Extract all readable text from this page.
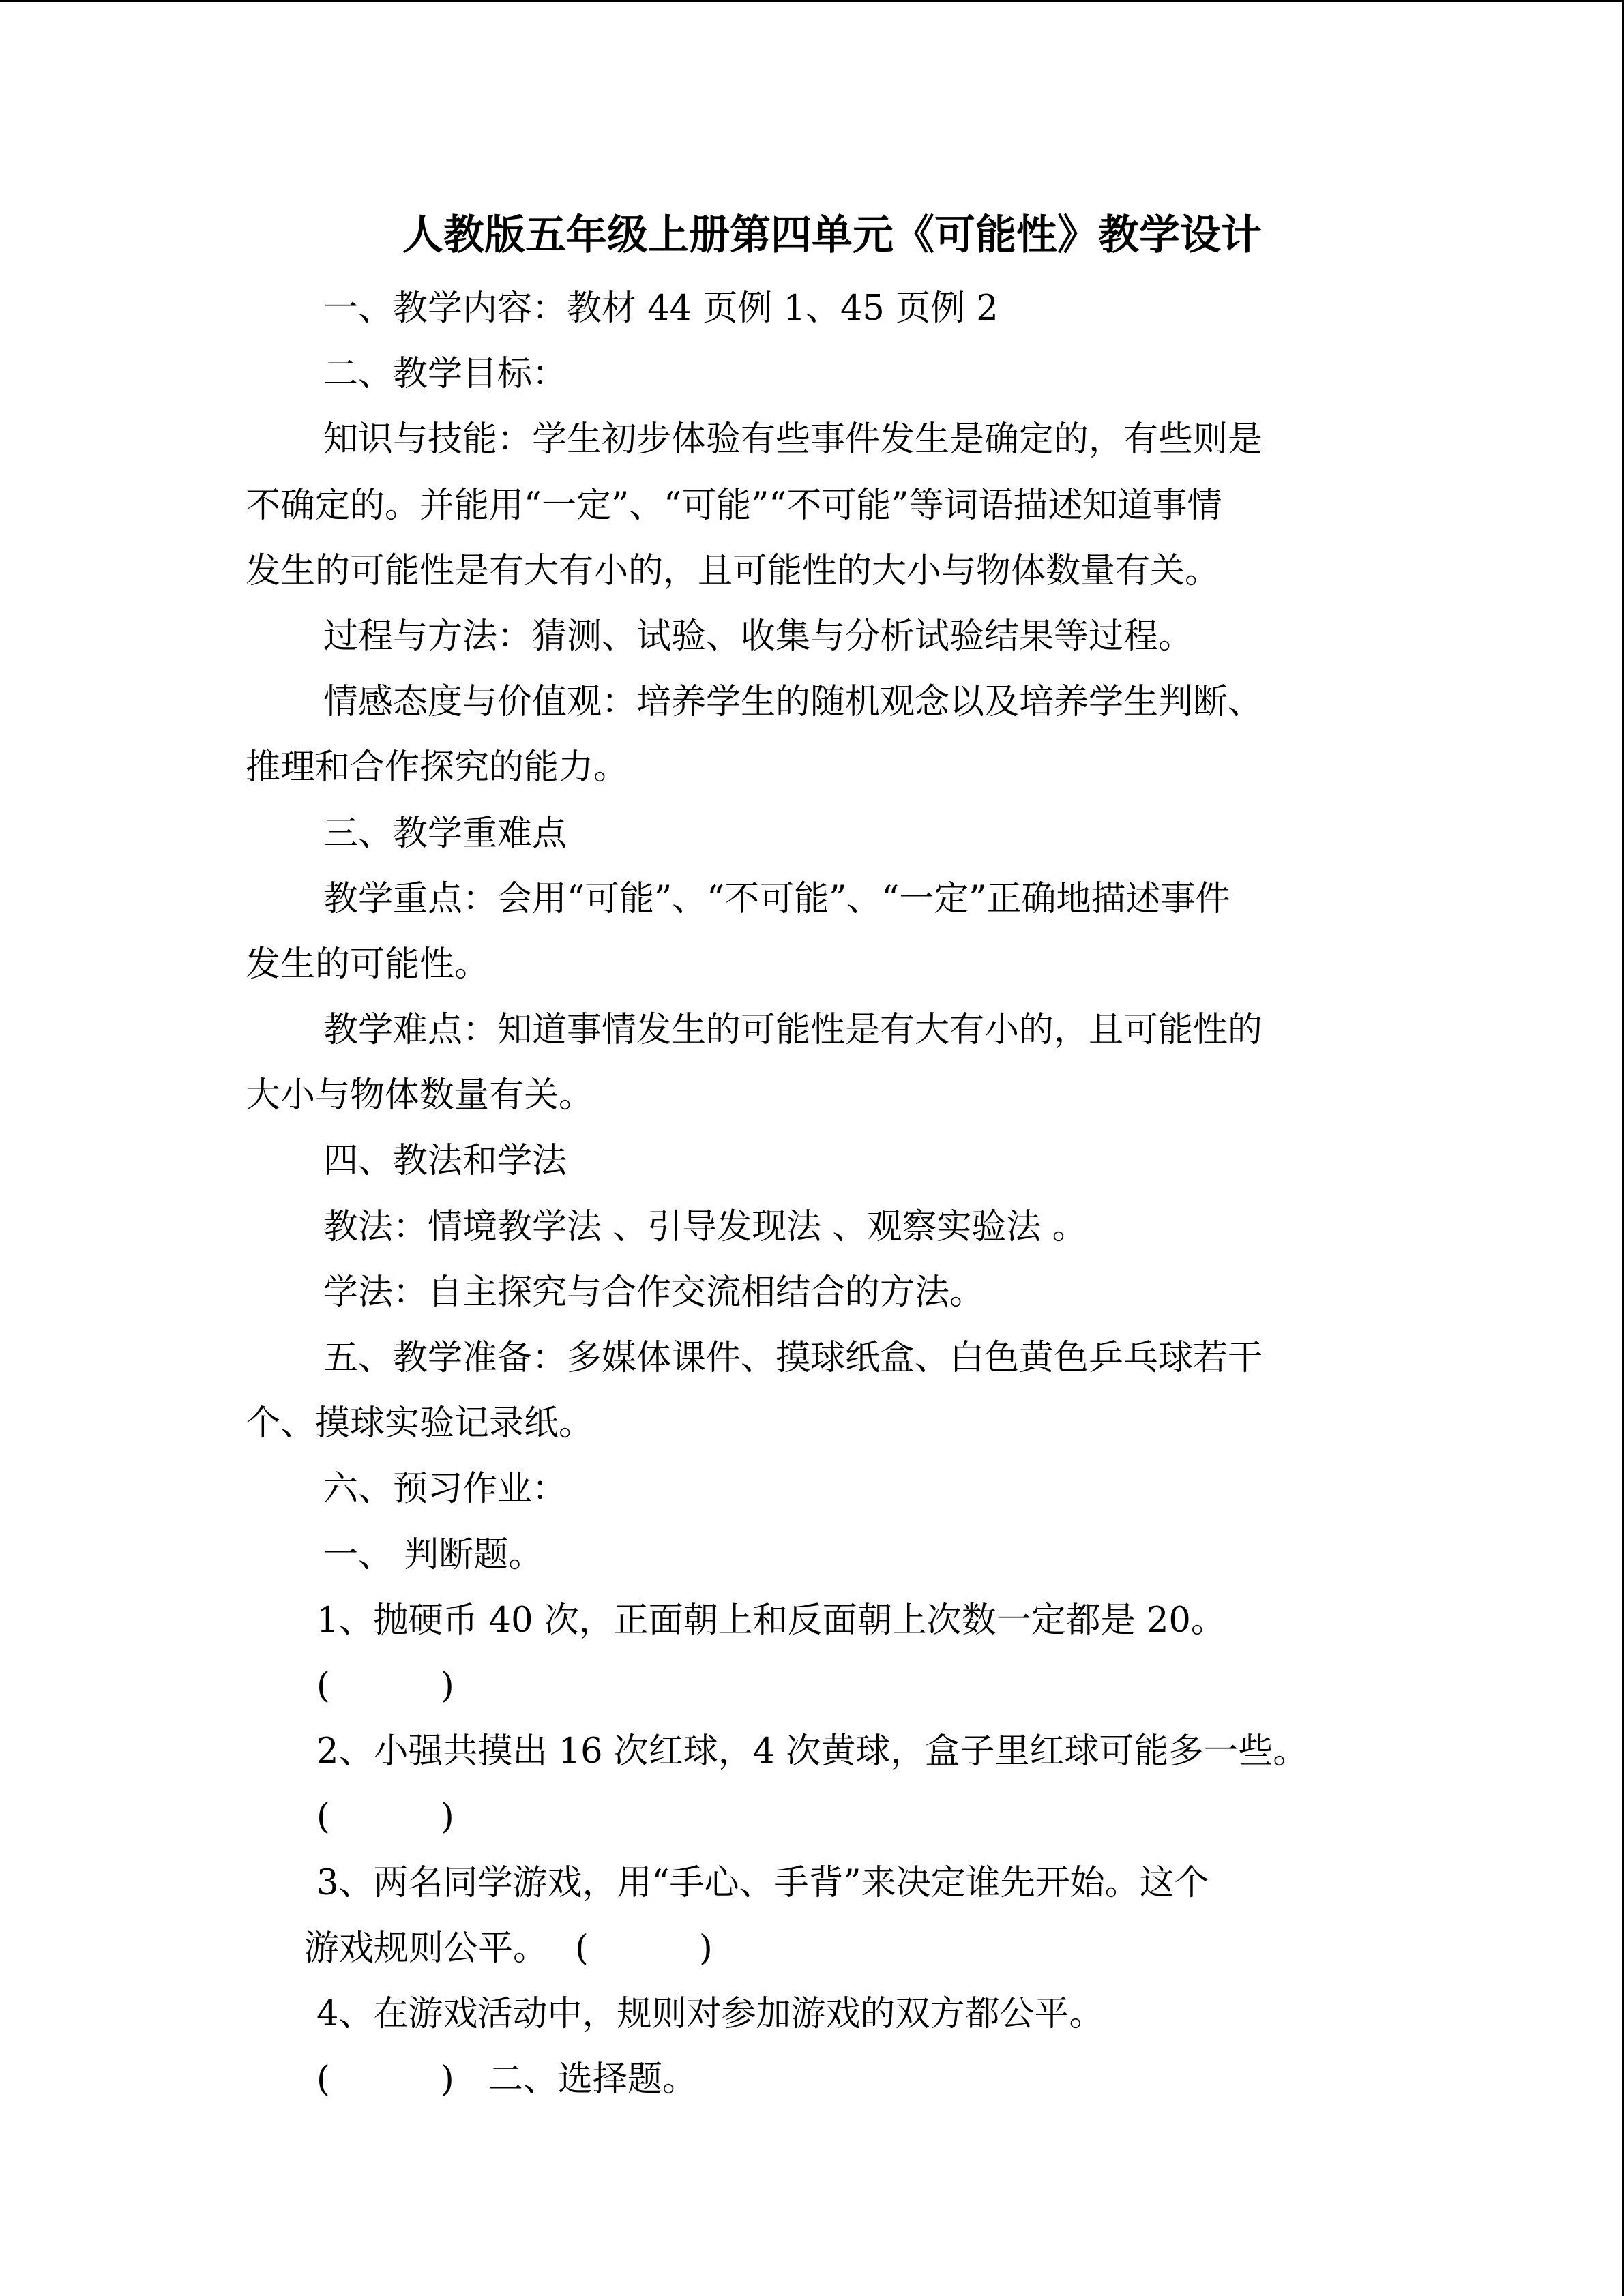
人教版五年级上册第四单元《可能性》教学设计

一、教学内容：教材 44 页例 1、45 页例 2

二、教学目标：

知识与技能：学生初步体验有些事件发生是确定的，有些则是

不确定的。并能用“一定”、“可能”“不可能”等词语描述知道事情

发生的可能性是有大有小的，且可能性的大小与物体数量有关。

过程与方法：猜测、试验、收集与分析试验结果等过程。

情感态度与价值观：培养学生的随机观念以及培养学生判断、

推理和合作探究的能力。

三、教学重难点

教学重点：会用“可能”、“不可能”、“一定”正确地描述事件

发生的可能性。

教学难点：知道事情发生的可能性是有大有小的，且可能性的

大小与物体数量有关。

四、教法和学法

教法：情境教学法 、引导发现法 、观察实验法 。

学法：自主探究与合作交流相结合的方法。

五、教学准备：多媒体课件、摸球纸盒、白色黄色乒乓球若干

个、摸球实验记录纸。

六、预习作业：

一、 判断题。

1、抛硬币 40 次，正面朝上和反面朝上次数一定都是 20。

(	)

2、小强共摸出 16 次红球，4 次黄球，盒子里红球可能多一些。

(	)

3、两名同学游戏，用“手心、手背”来决定谁先开始。这个

游戏规则公平。 (	)

4、在游戏活动中，规则对参加游戏的双方都公平。

(	) 二、选择题。
